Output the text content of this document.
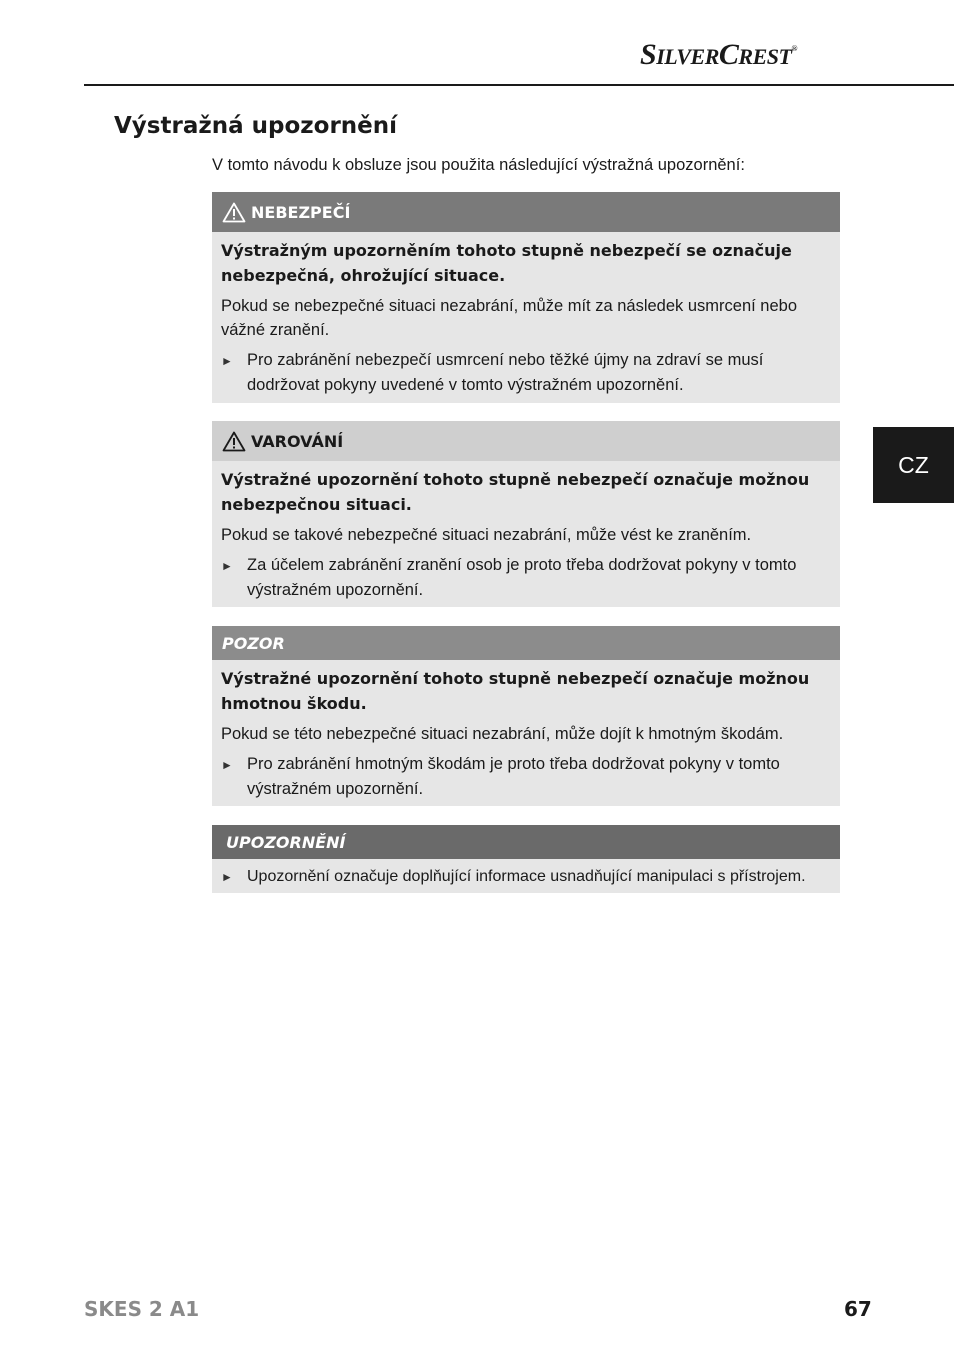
SILVERCREST®
CZ
Výstražná upozornění

V tomto návodu k obsluze jsou použita následující výstražná upozornění:

NEBEZPEČÍ

Výstražným upozorněním tohoto stupně nebezpečí se označuje nebezpečná, ohrožující situace.

Pokud se nebezpečné situaci nezabrání, může mít za následek usmrcení nebo vážné zranění.

► Pro zabránění nebezpečí usmrcení nebo těžké újmy na zdraví se musí dodržovat pokyny uvedené v tomto výstražném upozornění.
VAROVÁNÍ

Výstražné upozornění tohoto stupně nebezpečí označuje možnou nebezpečnou situaci.

Pokud se takové nebezpečné situaci nezabrání, může vést ke zraněním.

► Za účelem zabránění zranění osob je proto třeba dodržovat pokyny v tomto výstražném upozornění.
POZOR

Výstražné upozornění tohoto stupně nebezpečí označuje možnou hmotnou škodu.

Pokud se této nebezpečné situaci nezabrání, může dojít k hmotným škodám.

► Pro zabránění hmotným škodám je proto třeba dodržovat pokyny v tomto výstražném upozornění.
UPOZORNĚNÍ
► Upozornění označuje doplňující informace usnadňující manipulaci s přístrojem.
SKES 2 A1	67
